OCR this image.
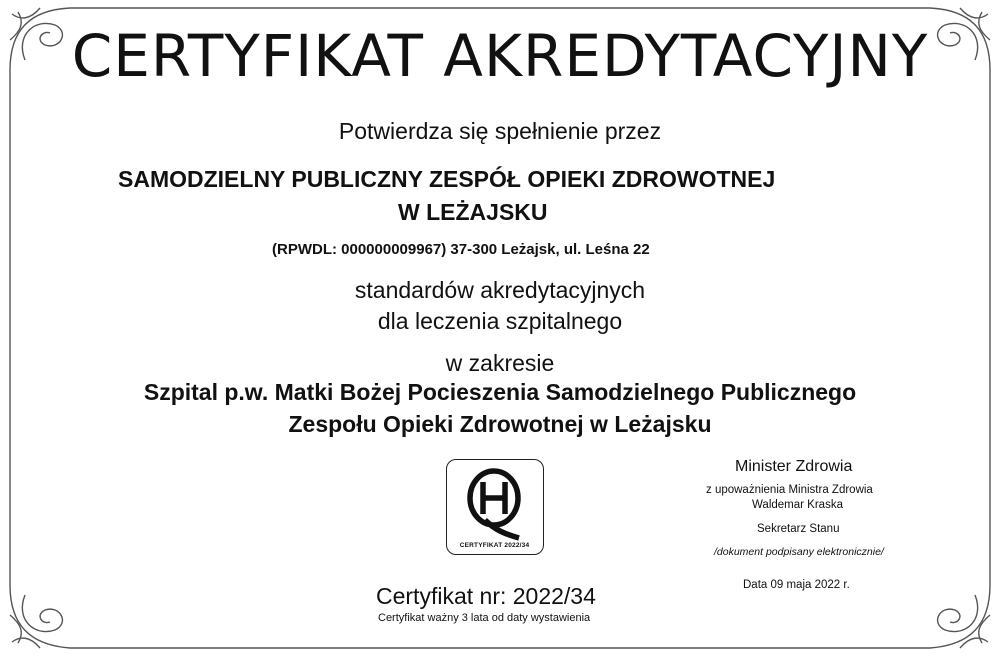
CERTYFIKAT AKREDYTACYJNY
Potwierdza się spełnienie przez
SAMODZIELNY PUBLICZNY ZESPÓŁ OPIEKI ZDROWOTNEJ
W LEŻAJSKU
(RPWDL: 000000009967) 37-300 Leżajsk, ul. Leśna 22
standardów akredytacyjnych
dla leczenia szpitalnego
w zakresie
Szpital p.w. Matki Bożej Pocieszenia Samodzielnego Publicznego
Zespołu Opieki Zdrowotnej w Leżajsku
CERTYFIKAT 2022/34
Certyfikat nr: 2022/34
Certyfikat ważny 3 lata od daty wystawienia
Minister Zdrowia
z upoważnienia Ministra Zdrowia
Waldemar Kraska
Sekretarz Stanu
/dokument podpisany elektronicznie/
Data 09 maja 2022 r.
